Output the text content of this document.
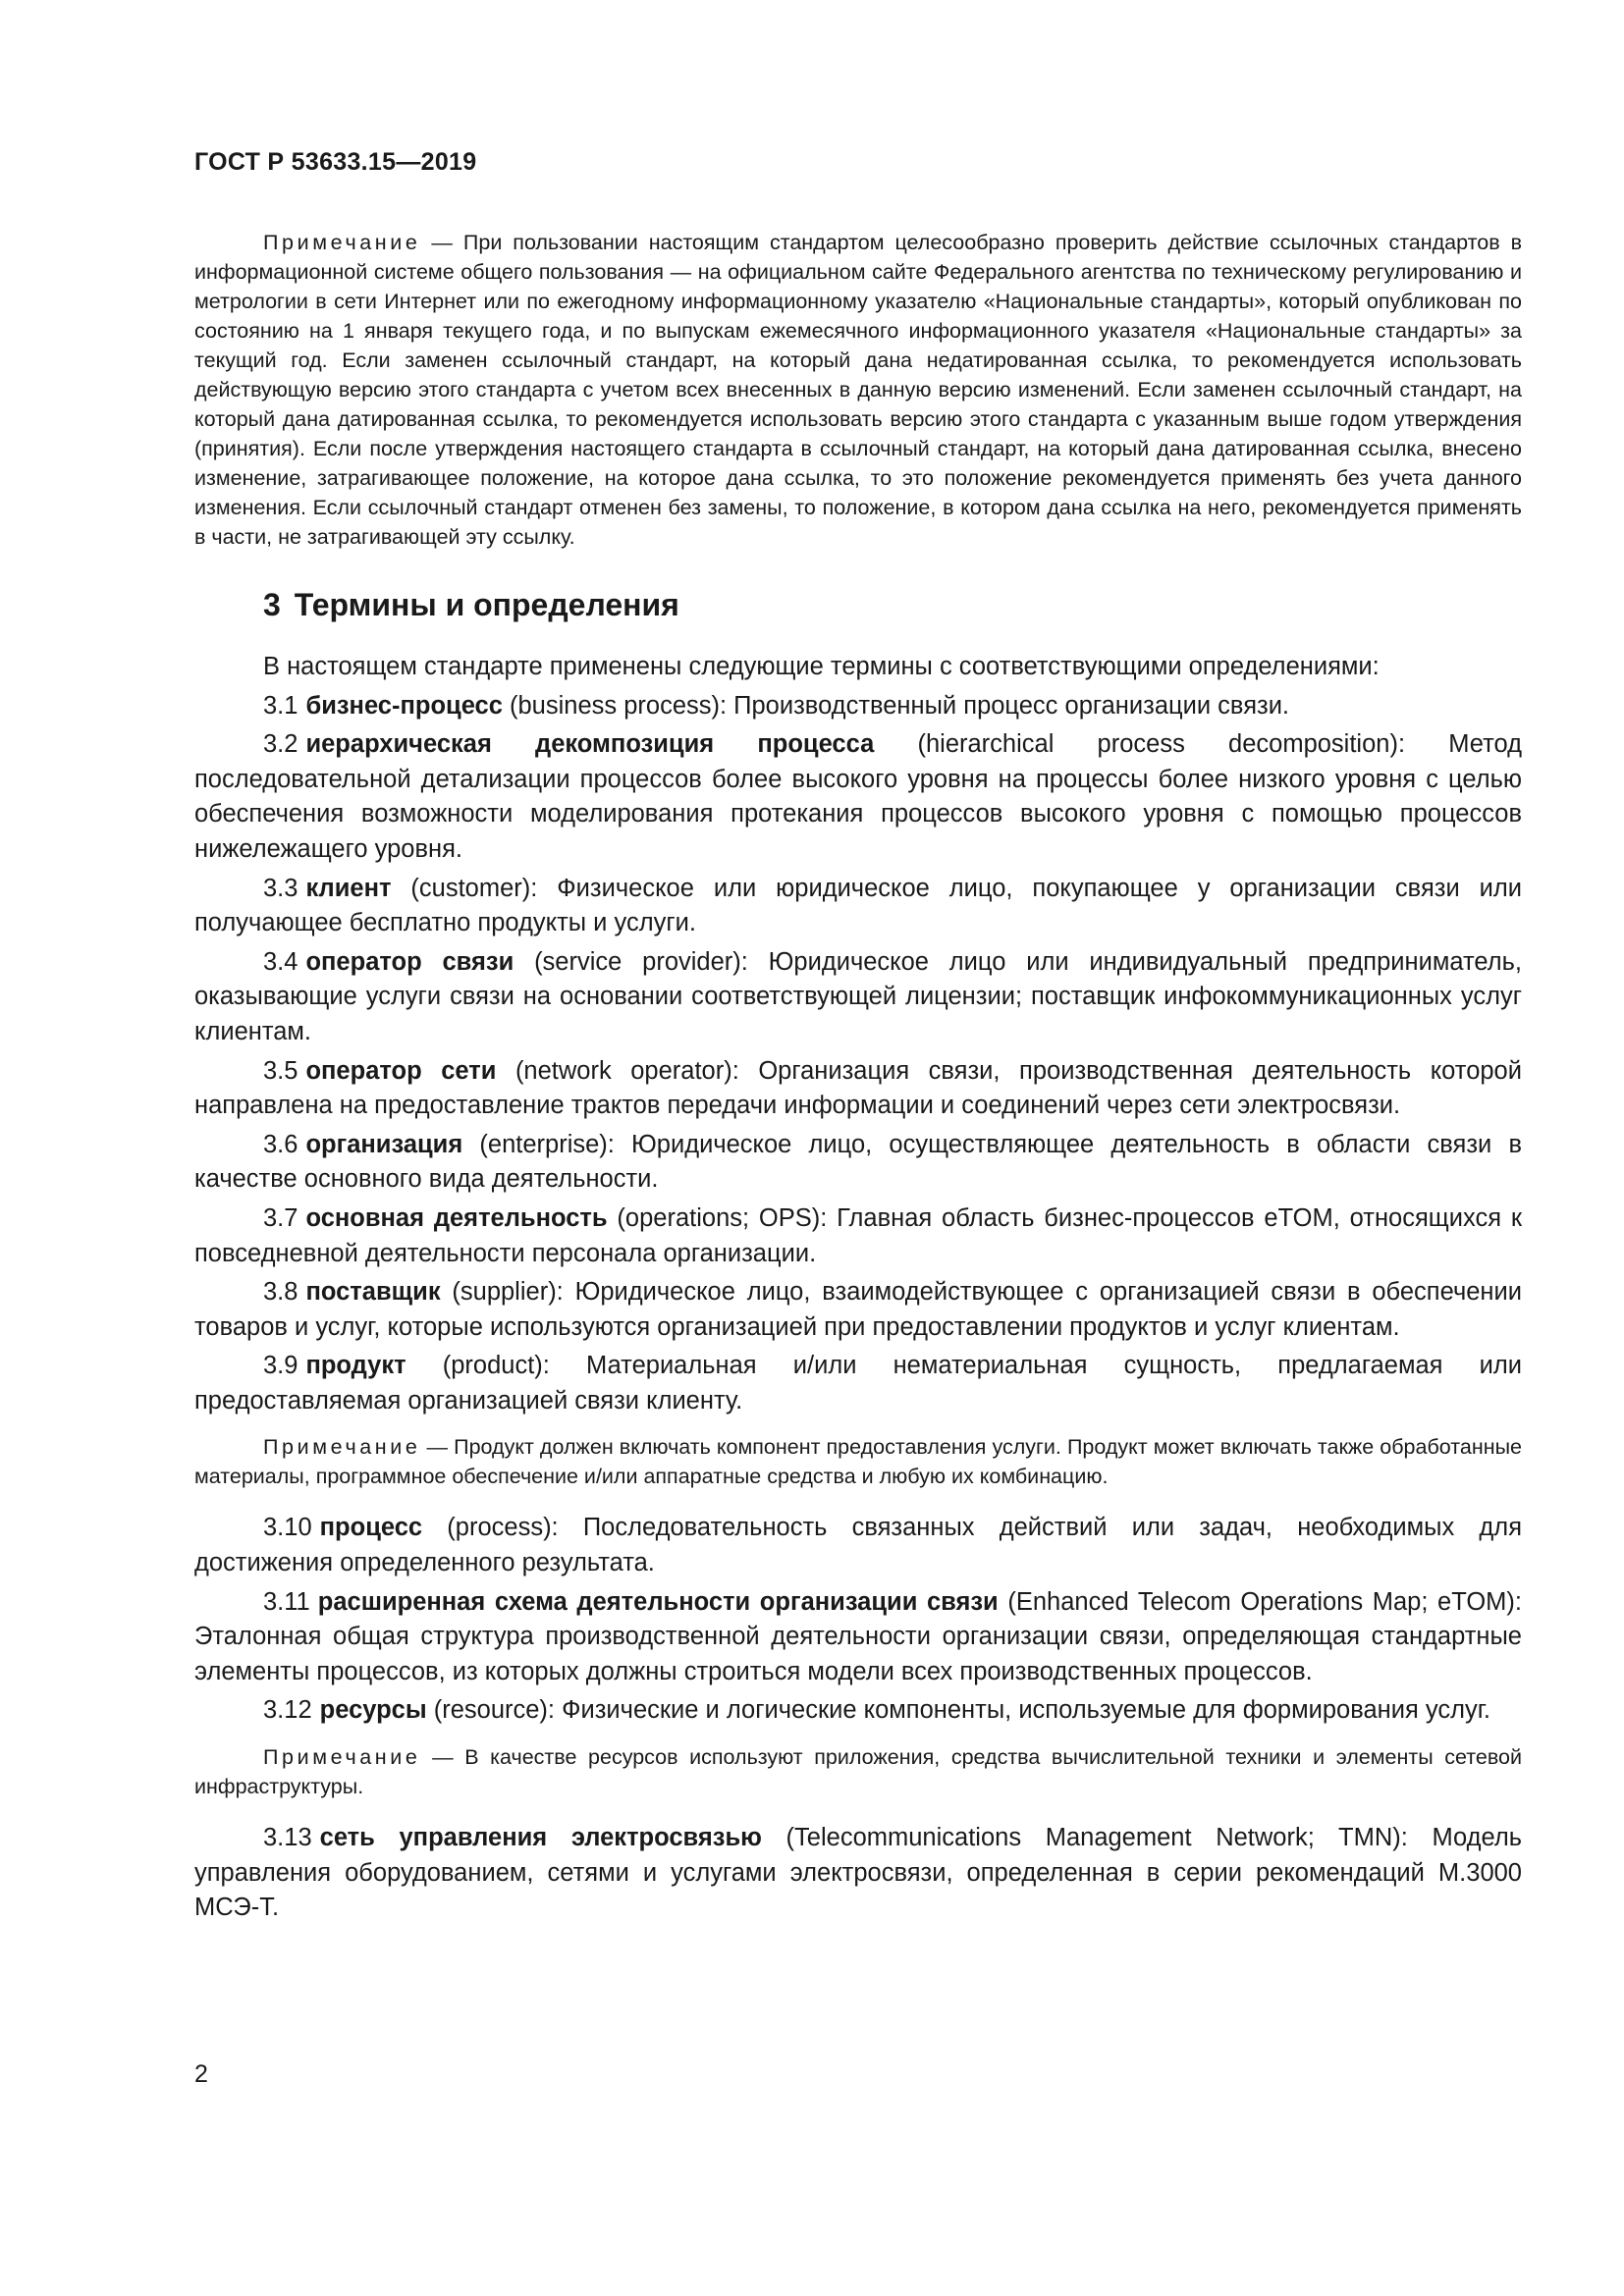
ГОСТ Р 53633.15—2019

Примечание — При пользовании настоящим стандартом целесообразно проверить действие ссылочных стандартов в информационной системе общего пользования — на официальном сайте Федерального агентства по техническому регулированию и метрологии в сети Интернет или по ежегодному информационному указателю «Национальные стандарты», который опубликован по состоянию на 1 января текущего года, и по выпускам ежемесячного информационного указателя «Национальные стандарты» за текущий год. Если заменен ссылочный стандарт, на который дана недатированная ссылка, то рекомендуется использовать действующую версию этого стандарта с учетом всех внесенных в данную версию изменений. Если заменен ссылочный стандарт, на который дана датированная ссылка, то рекомендуется использовать версию этого стандарта с указанным выше годом утверждения (принятия). Если после утверждения настоящего стандарта в ссылочный стандарт, на который дана датированная ссылка, внесено изменение, затрагивающее положение, на которое дана ссылка, то это положение рекомендуется применять без учета данного изменения. Если ссылочный стандарт отменен без замены, то положение, в котором дана ссылка на него, рекомендуется применять в части, не затрагивающей эту ссылку.

3 Термины и определения

В настоящем стандарте применены следующие термины с соответствующими определениями:

3.1 бизнес-процесс (business process): Производственный процесс организации связи.

3.2 иерархическая декомпозиция процесса (hierarchical process decomposition): Метод последовательной детализации процессов более высокого уровня на процессы более низкого уровня с целью обеспечения возможности моделирования протекания процессов высокого уровня с помощью процессов нижележащего уровня.

3.3 клиент (customer): Физическое или юридическое лицо, покупающее у организации связи или получающее бесплатно продукты и услуги.

3.4 оператор связи (service provider): Юридическое лицо или индивидуальный предприниматель, оказывающие услуги связи на основании соответствующей лицензии; поставщик инфокоммуникационных услуг клиентам.

3.5 оператор сети (network operator): Организация связи, производственная деятельность которой направлена на предоставление трактов передачи информации и соединений через сети электросвязи.

3.6 организация (enterprise): Юридическое лицо, осуществляющее деятельность в области связи в качестве основного вида деятельности.

3.7 основная деятельность (operations; OPS): Главная область бизнес-процессов eTOM, относящихся к повседневной деятельности персонала организации.

3.8 поставщик (supplier): Юридическое лицо, взаимодействующее с организацией связи в обеспечении товаров и услуг, которые используются организацией при предоставлении продуктов и услуг клиентам.

3.9 продукт (product): Материальная и/или нематериальная сущность, предлагаемая или предоставляемая организацией связи клиенту.

Примечание — Продукт должен включать компонент предоставления услуги. Продукт может включать также обработанные материалы, программное обеспечение и/или аппаратные средства и любую их комбинацию.

3.10 процесс (process): Последовательность связанных действий или задач, необходимых для достижения определенного результата.

3.11 расширенная схема деятельности организации связи (Enhanced Telecom Operations Map; eTOM): Эталонная общая структура производственной деятельности организации связи, определяющая стандартные элементы процессов, из которых должны строиться модели всех производственных процессов.

3.12 ресурсы (resource): Физические и логические компоненты, используемые для формирования услуг.

Примечание — В качестве ресурсов используют приложения, средства вычислительной техники и элементы сетевой инфраструктуры.

3.13 сеть управления электросвязью (Telecommunications Management Network; TMN): Модель управления оборудованием, сетями и услугами электросвязи, определенная в серии рекомендаций М.3000 МСЭ-Т.

2
